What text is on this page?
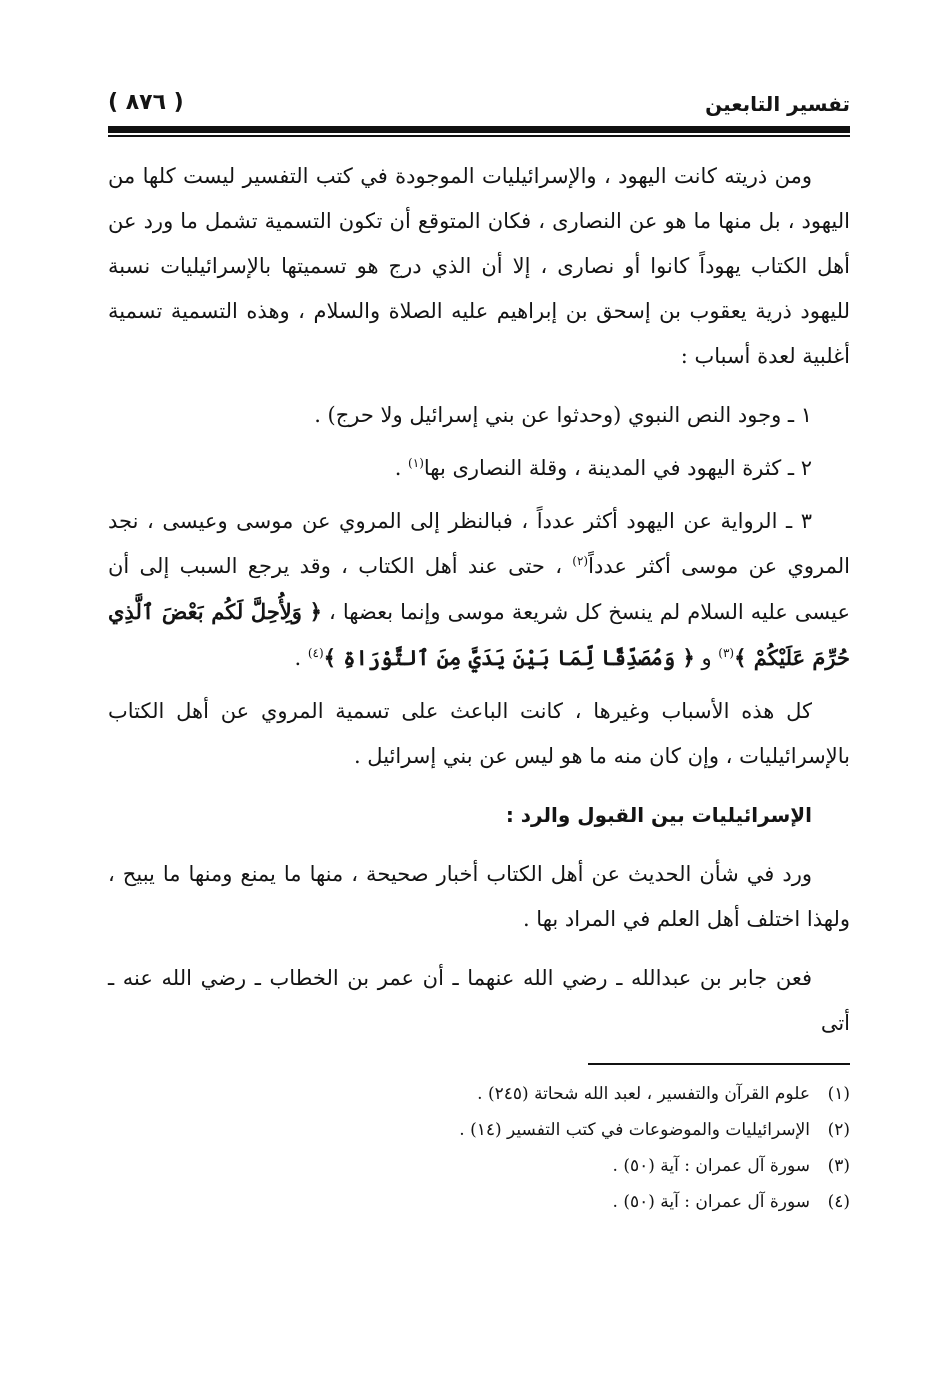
( ٨٧٦ )	تفسير التابعين

ومن ذريته كانت اليهود ، والإسرائيليات الموجودة في كتب التفسير ليست كلها من اليهود ، بل منها ما هو عن النصارى ، فكان المتوقع أن تكون التسمية تشمل ما ورد عن أهل الكتاب يهوداً كانوا أو نصارى ، إلا أن الذي درج هو تسميتها بالإسرائيليات نسبة لليهود ذرية يعقوب بن إسحق بن إبراهيم عليه الصلاة والسلام ، وهذه التسمية تسمية أغلبية لعدة أسباب :

١ ـ وجود النص النبوي (وحدثوا عن بني إسرائيل ولا حرج) .

٢ ـ كثرة اليهود في المدينة ، وقلة النصارى بها$^{(١)}$ .

٣ ـ الرواية عن اليهود أكثر عدداً ، فبالنظر إلى المروي عن موسى وعيسى ، نجد المروي عن موسى أكثر عدداً$^{(٢)}$ ، حتى عند أهل الكتاب ، وقد يرجع السبب إلى أن عيسى عليه السلام لم ينسخ كل شريعة موسى وإنما بعضها ، ﴿ وَلِأُحِلَّ لَكُم بَعْضَ ٱلَّذِي حُرِّمَ عَلَيْكُمْ ﴾$^{(٣)}$ و ﴿ وَمُصَدِّقًا لِّمَا بَيْنَ يَدَيَّ مِنَ ٱلتَّوْرَاةِ ﴾$^{(٤)}$ .

كل هذه الأسباب وغيرها ، كانت الباعث على تسمية المروي عن أهل الكتاب بالإسرائيليات ، وإن كان منه ما هو ليس عن بني إسرائيل .

الإسرائيليات بين القبول والرد :

ورد في شأن الحديث عن أهل الكتاب أخبار صحيحة ، منها ما يمنع ومنها ما يبيح ، ولهذا اختلف أهل العلم في المراد بها .

فعن جابر بن عبدالله ـ رضي الله عنهما ـ أن عمر بن الخطاب ـ رضي الله عنه ـ أتى

(١)علوم القرآن والتفسير ، لعبد الله شحاتة (٢٤٥) .

(٢)الإسرائيليات والموضوعات في كتب التفسير (١٤) .

(٣)سورة آل عمران : آية (٥٠) .

(٤)سورة آل عمران : آية (٥٠) .
